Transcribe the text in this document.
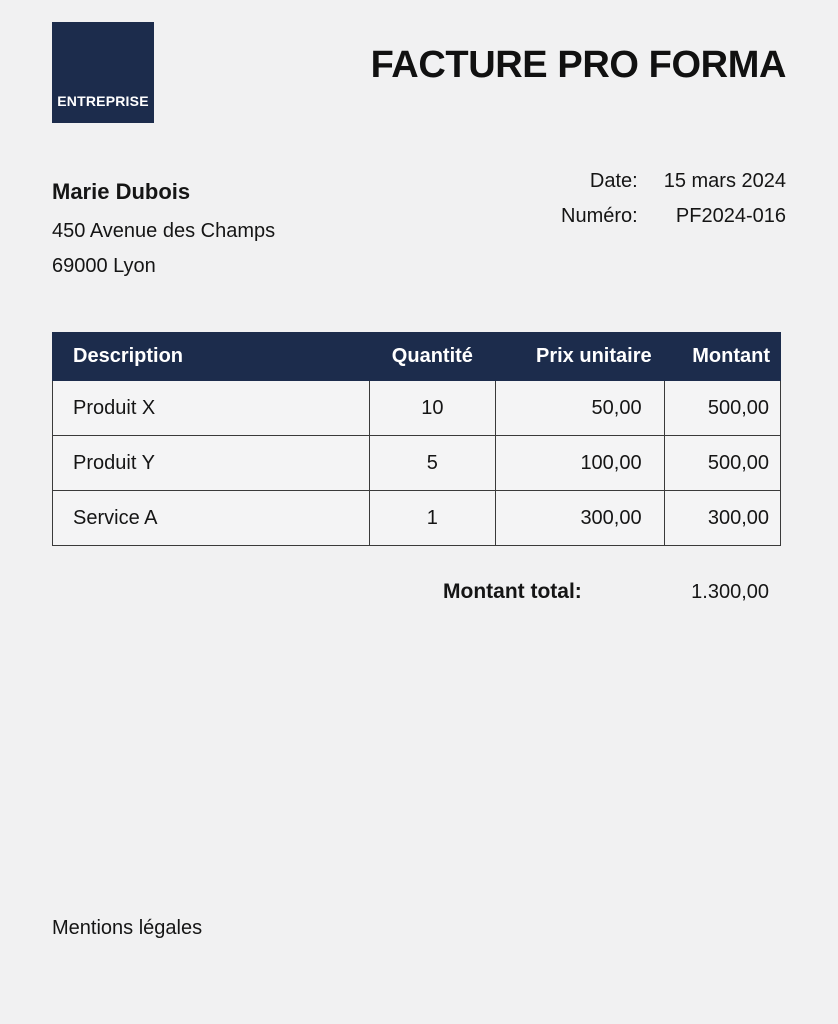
ENTREPRISE
FACTURE PRO FORMA
Marie Dubois
450 Avenue des Champs
69000 Lyon
Date:	15 mars 2024
Numéro:	PF2024-016
Description	Quantité	Prix unitaire	Montant
Produit X	10	50,00	500,00
Produit Y	5	100,00	500,00
Service A	1	300,00	300,00
Montant total:	1.300,00
Mentions légales
